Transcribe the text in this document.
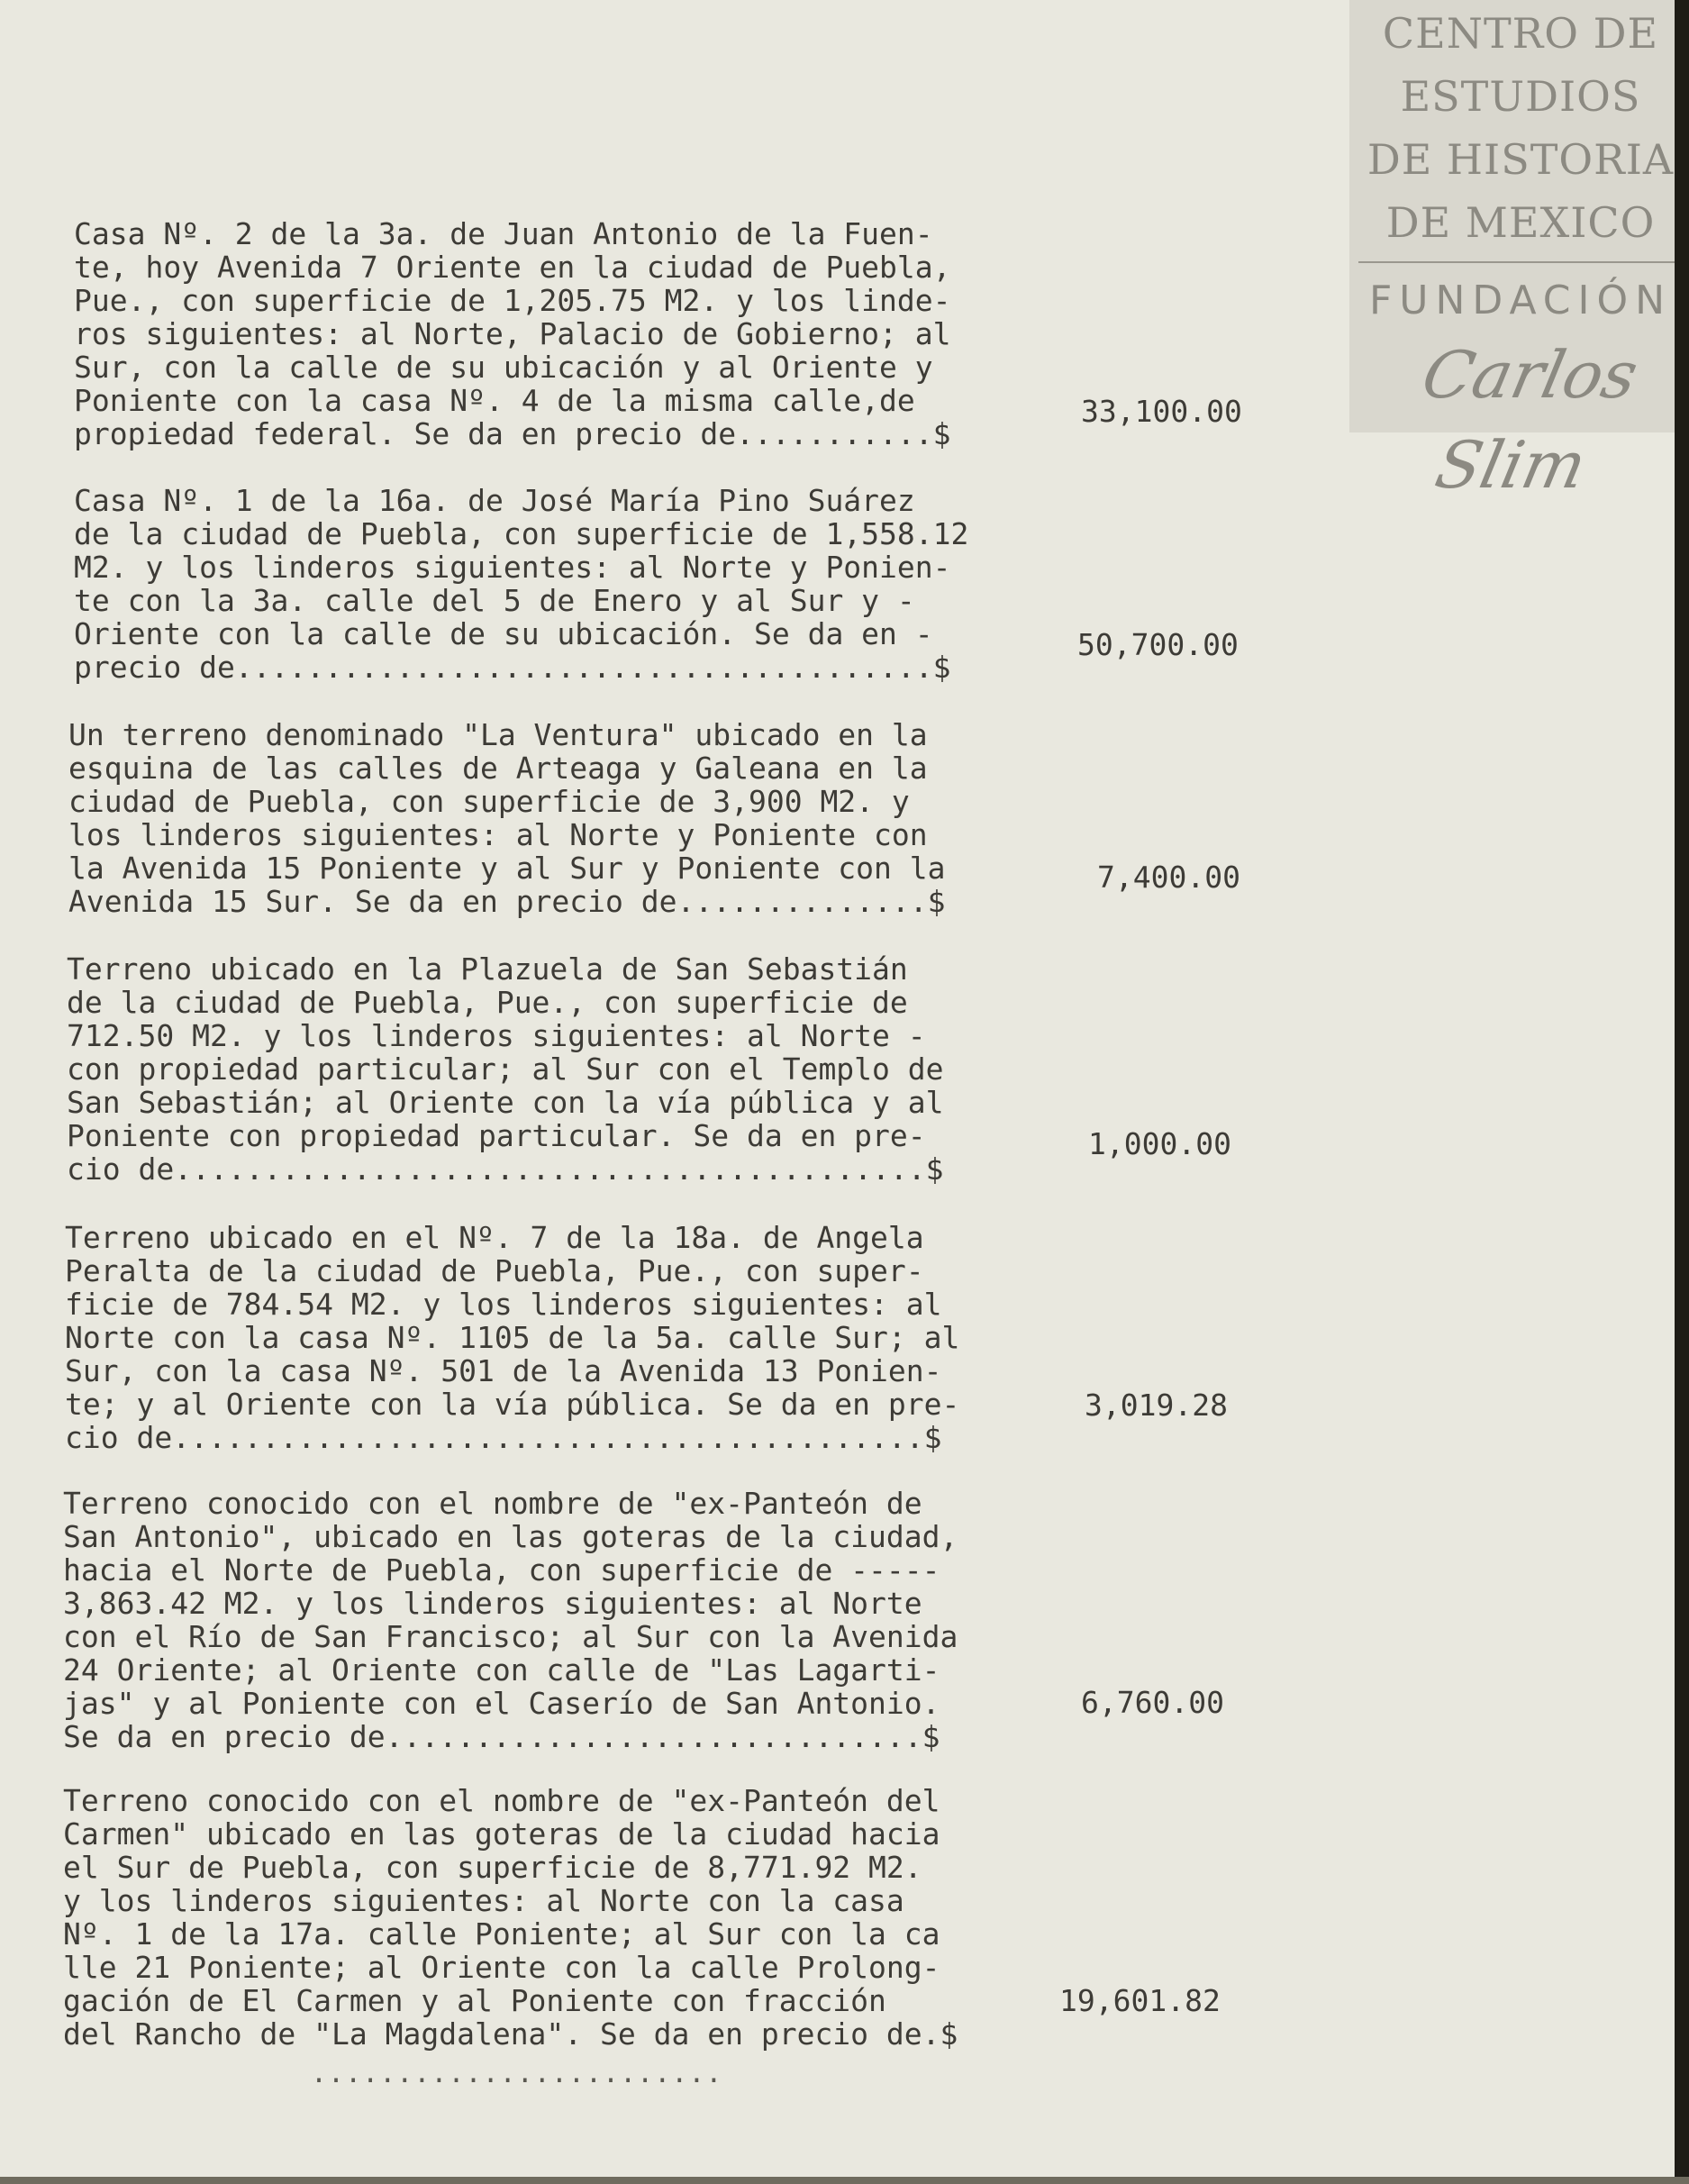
CENTRO DE
ESTUDIOS
DE HISTORIA
DE MEXICO
FUNDACIÓN
Carlos Slim

Casa Nº. 2 de la 3a. de Juan Antonio de la Fuen-
te, hoy Avenida 7 Oriente en la ciudad de Puebla,
Pue., con superficie de 1,205.75 M2. y los linde-
ros siguientes: al Norte, Palacio de Gobierno; al
Sur, con la calle de su ubicación y al Oriente y
Poniente con la casa Nº. 4 de la misma calle,de
propiedad federal. Se da en precio de...........$
33,100.00

Casa Nº. 1 de la 16a. de José María Pino Suárez
de la ciudad de Puebla, con superficie de 1,558.12
M2. y los linderos siguientes: al Norte y Ponien-
te con la 3a. calle del 5 de Enero y al Sur y -
Oriente con la calle de su ubicación. Se da en -
precio de.......................................$
50,700.00

Un terreno denominado "La Ventura" ubicado en la
esquina de las calles de Arteaga y Galeana en la
ciudad de Puebla, con superficie de 3,900 M2. y
los linderos siguientes: al Norte y Poniente con
la Avenida 15 Poniente y al Sur y Poniente con la
Avenida 15 Sur. Se da en precio de..............$
7,400.00

Terreno ubicado en la Plazuela de San Sebastián
de la ciudad de Puebla, Pue., con superficie de
712.50 M2. y los linderos siguientes: al Norte -
con propiedad particular; al Sur con el Templo de
San Sebastián; al Oriente con la vía pública y al
Poniente con propiedad particular. Se da en pre-
cio de..........................................$
1,000.00

Terreno ubicado en el Nº. 7 de la 18a. de Angela
Peralta de la ciudad de Puebla, Pue., con super-
ficie de 784.54 M2. y los linderos siguientes: al
Norte con la casa Nº. 1105 de la 5a. calle Sur; al
Sur, con la casa Nº. 501 de la Avenida 13 Ponien-
te; y al Oriente con la vía pública. Se da en pre-
cio de..........................................$
3,019.28

Terreno conocido con el nombre de "ex-Panteón de
San Antonio", ubicado en las goteras de la ciudad,
hacia el Norte de Puebla, con superficie de -----
3,863.42 M2. y los linderos siguientes: al Norte
con el Río de San Francisco; al Sur con la Avenida
24 Oriente; al Oriente con calle de "Las Lagarti-
jas" y al Poniente con el Caserío de San Antonio.
Se da en precio de..............................$
6,760.00

Terreno conocido con el nombre de "ex-Panteón del
Carmen" ubicado en las goteras de la ciudad hacia
el Sur de Puebla, con superficie de 8,771.92 M2.
y los linderos siguientes: al Norte con la casa
Nº. 1 de la 17a. calle Poniente; al Sur con la ca
lle 21 Poniente; al Oriente con la calle Prolong-
gación de El Carmen y al Poniente con fracción
del Rancho de "La Magdalena". Se da en precio de.$
19,601.82
........................
